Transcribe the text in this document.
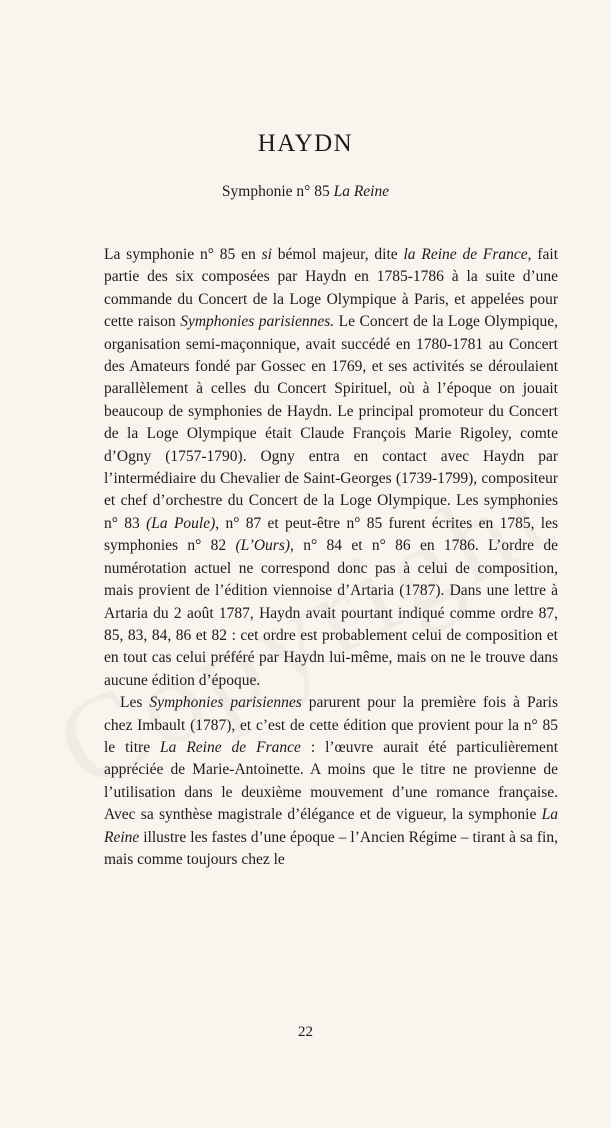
HAYDN
Symphonie n° 85 La Reine

La symphonie n° 85 en si bémol majeur, dite la Reine de France, fait partie des six composées par Haydn en 1785-1786 à la suite d’une commande du Concert de la Loge Olympique à Paris, et appelées pour cette raison Symphonies parisiennes. Le Concert de la Loge Olympique, organisation semi-maçonnique, avait succédé en 1780-1781 au Concert des Amateurs fondé par Gossec en 1769, et ses activités se déroulaient parallèlement à celles du Concert Spirituel, où à l’époque on jouait beaucoup de symphonies de Haydn. Le principal promoteur du Concert de la Loge Olympique était Claude François Marie Rigoley, comte d’Ogny (1757-1790). Ogny entra en contact avec Haydn par l’intermédiaire du Chevalier de Saint-Georges (1739-1799), compositeur et chef d’orchestre du Concert de la Loge Olympique. Les symphonies n° 83 (La Poule), n° 87 et peut-être n° 85 furent écrites en 1785, les symphonies n° 82 (L’Ours), n° 84 et n° 86 en 1786. L’ordre de numérotation actuel ne correspond donc pas à celui de composition, mais provient de l’édition viennoise d’Artaria (1787). Dans une lettre à Artaria du 2 août 1787, Haydn avait pourtant indiqué comme ordre 87, 85, 83, 84, 86 et 82 : cet ordre est probablement celui de composition et en tout cas celui préféré par Haydn lui-même, mais on ne le trouve dans aucune édition d’époque.

Les Symphonies parisiennes parurent pour la première fois à Paris chez Imbault (1787), et c’est de cette édition que provient pour la n° 85 le titre La Reine de France : l’œuvre aurait été particulièrement appréciée de Marie-Antoinette. A moins que le titre ne provienne de l’utilisation dans le deuxième mouvement d’une romance française. Avec sa synthèse magistrale d’élégance et de vigueur, la symphonie La Reine illustre les fastes d’une époque – l’Ancien Régime – tirant à sa fin, mais comme toujours chez le

22
